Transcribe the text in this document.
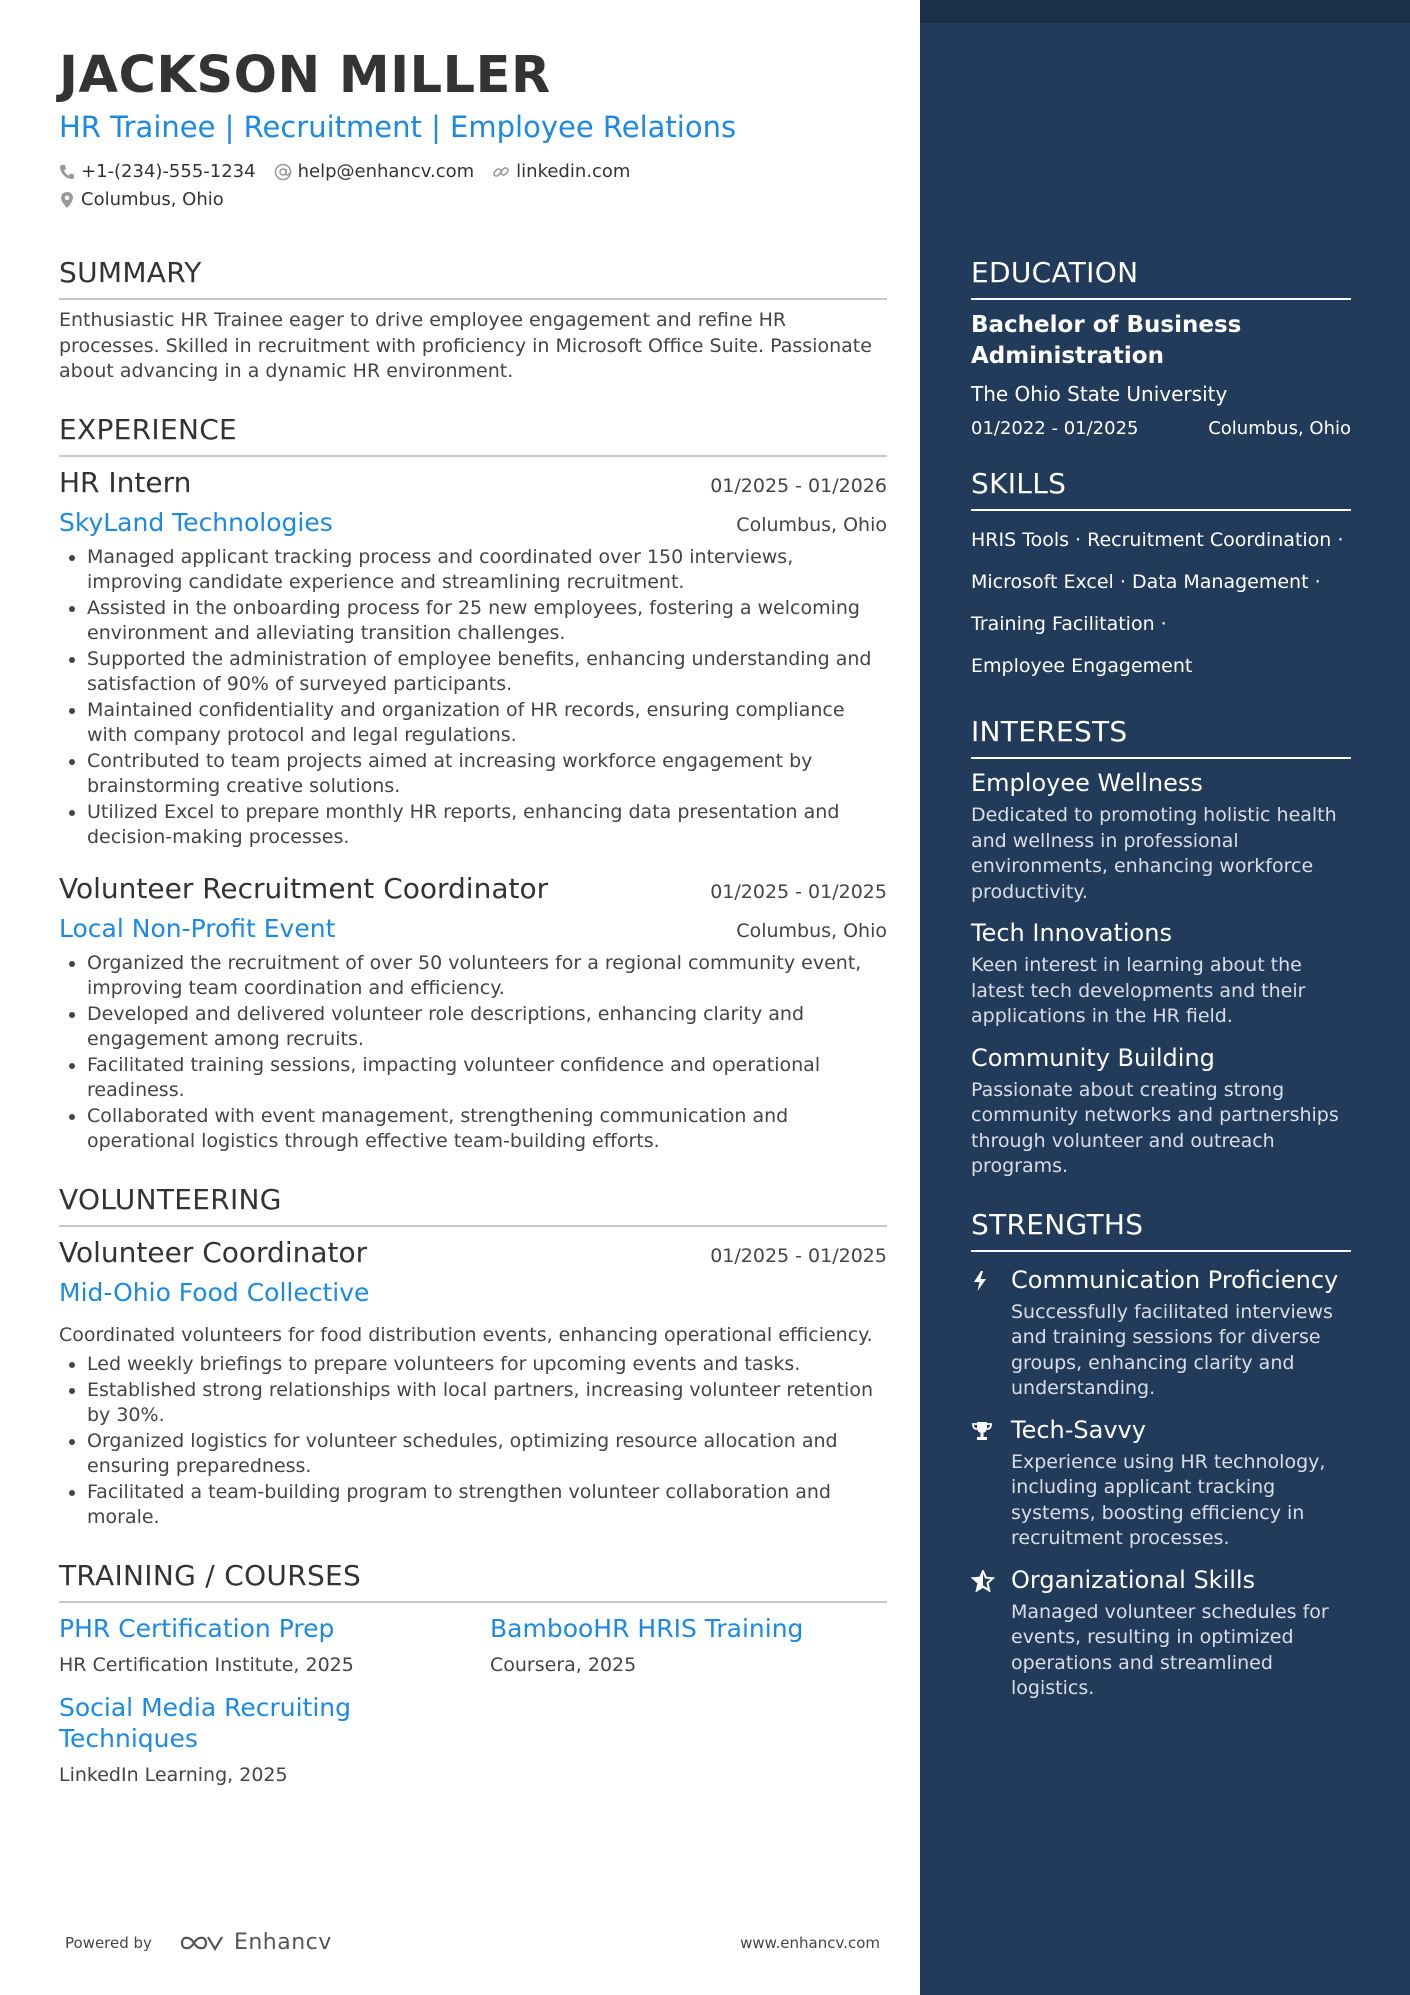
JACKSON MILLER
HR Trainee | Recruitment | Employee Relations
+1-(234)-555-1234 help@enhancv.com linkedin.com
Columbus, Ohio
SUMMARY
Enthusiastic HR Trainee eager to drive employee engagement and refine HR processes. Skilled in recruitment with proficiency in Microsoft Office Suite. Passionate about advancing in a dynamic HR environment.
EXPERIENCE
HR Intern	01/2025 - 01/2026
SkyLand Technologies	Columbus, Ohio
• Managed applicant tracking process and coordinated over 150 interviews, improving candidate experience and streamlining recruitment.
• Assisted in the onboarding process for 25 new employees, fostering a welcoming environment and alleviating transition challenges.
• Supported the administration of employee benefits, enhancing understanding and satisfaction of 90% of surveyed participants.
• Maintained confidentiality and organization of HR records, ensuring compliance with company protocol and legal regulations.
• Contributed to team projects aimed at increasing workforce engagement by brainstorming creative solutions.
• Utilized Excel to prepare monthly HR reports, enhancing data presentation and decision-making processes.
Volunteer Recruitment Coordinator	01/2025 - 01/2025
Local Non-Profit Event	Columbus, Ohio
• Organized the recruitment of over 50 volunteers for a regional community event, improving team coordination and efficiency.
• Developed and delivered volunteer role descriptions, enhancing clarity and engagement among recruits.
• Facilitated training sessions, impacting volunteer confidence and operational readiness.
• Collaborated with event management, strengthening communication and operational logistics through effective team-building efforts.
VOLUNTEERING
Volunteer Coordinator	01/2025 - 01/2025
Mid-Ohio Food Collective
Coordinated volunteers for food distribution events, enhancing operational efficiency.
• Led weekly briefings to prepare volunteers for upcoming events and tasks.
• Established strong relationships with local partners, increasing volunteer retention by 30%.
• Organized logistics for volunteer schedules, optimizing resource allocation and ensuring preparedness.
• Facilitated a team-building program to strengthen volunteer collaboration and morale.
TRAINING / COURSES
PHR Certification Prep
HR Certification Institute, 2025
BambooHR HRIS Training
Coursera, 2025
Social Media Recruiting Techniques
LinkedIn Learning, 2025
Powered by	Enhancv	www.enhancv.com
EDUCATION
Bachelor of Business Administration
The Ohio State University
01/2022 - 01/2025	Columbus, Ohio
SKILLS
HRIS Tools · Recruitment Coordination ·
Microsoft Excel · Data Management ·
Training Facilitation ·
Employee Engagement
INTERESTS
Employee Wellness
Dedicated to promoting holistic health and wellness in professional environments, enhancing workforce productivity.
Tech Innovations
Keen interest in learning about the latest tech developments and their applications in the HR field.
Community Building
Passionate about creating strong community networks and partnerships through volunteer and outreach programs.
STRENGTHS
Communication Proficiency
Successfully facilitated interviews and training sessions for diverse groups, enhancing clarity and understanding.
Tech-Savvy
Experience using HR technology, including applicant tracking systems, boosting efficiency in recruitment processes.
Organizational Skills
Managed volunteer schedules for events, resulting in optimized operations and streamlined logistics.
